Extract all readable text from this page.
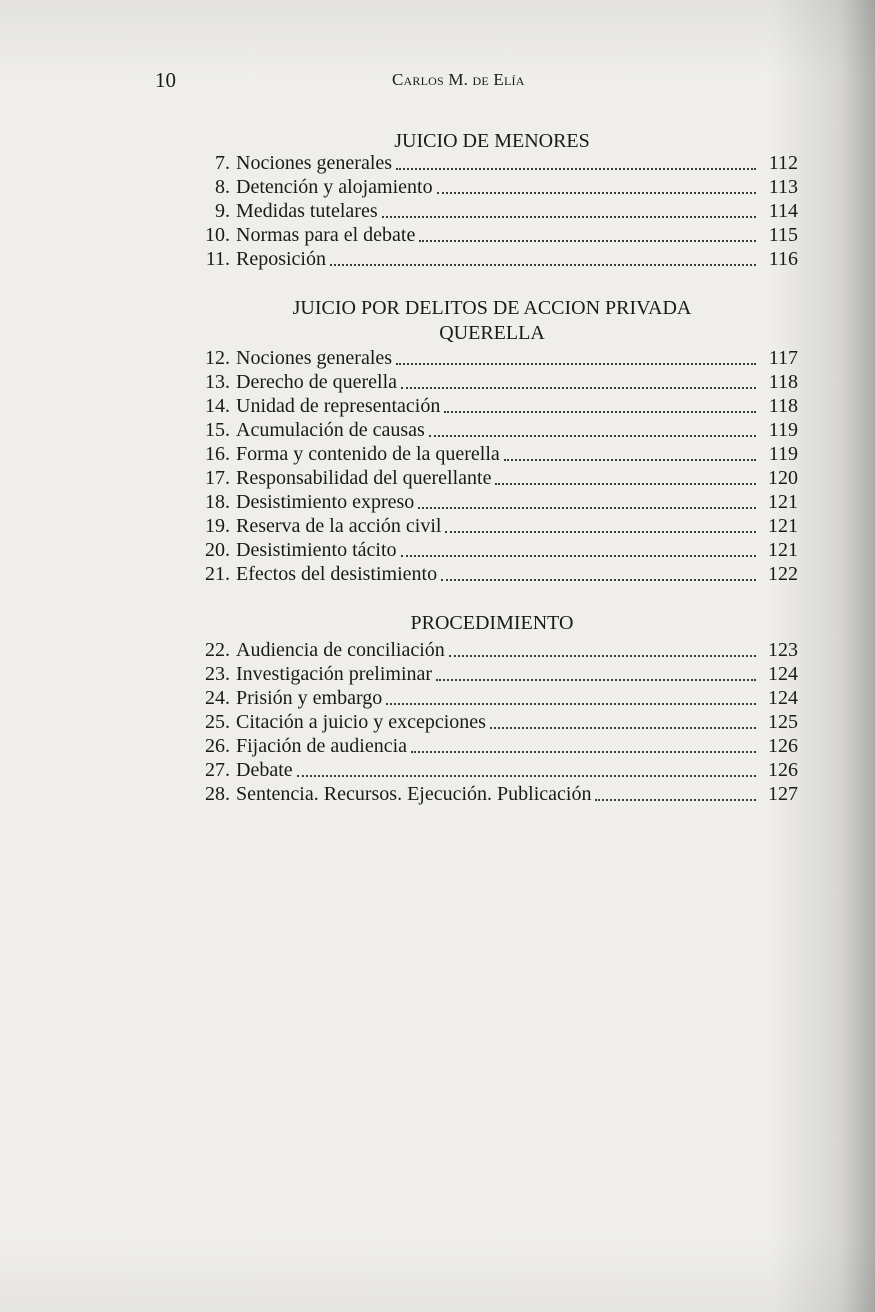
10	Carlos M. de Elía
JUICIO DE MENORES
7. Nociones generales	112
8. Detención y alojamiento	113
9. Medidas tutelares	114
10. Normas para el debate	115
11. Reposición	116
JUICIO POR DELITOS DE ACCION PRIVADA
QUERELLA
12. Nociones generales	117
13. Derecho de querella	118
14. Unidad de representación	118
15. Acumulación de causas	119
16. Forma y contenido de la querella	119
17. Responsabilidad del querellante	120
18. Desistimiento expreso	121
19. Reserva de la acción civil	121
20. Desistimiento tácito	121
21. Efectos del desistimiento	122
PROCEDIMIENTO
22. Audiencia de conciliación	123
23. Investigación preliminar	124
24. Prisión y embargo	124
25. Citación a juicio y excepciones	125
26. Fijación de audiencia	126
27. Debate	126
28. Sentencia. Recursos. Ejecución. Publicación	127
